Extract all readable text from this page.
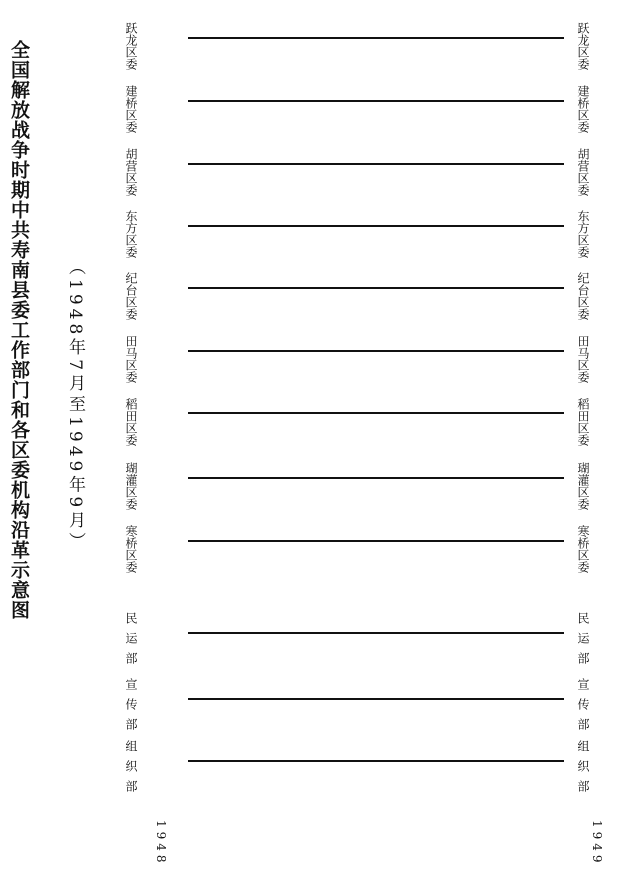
全国解放战争时期中共寿南县委工作部门和各区委机构沿革示意图 （1948年7月至1949年9月）
跃龙区委	跃龙区委
建桥区委	建桥区委
胡营区委	胡营区委
东方区委	东方区委
纪台区委	纪台区委
田马区委	田马区委
稻田区委	稻田区委
瑚灌区委	瑚灌区委
寒桥区委	寒桥区委
民运部	民运部
宣传部	宣传部
组织部	组织部
1948	1949
